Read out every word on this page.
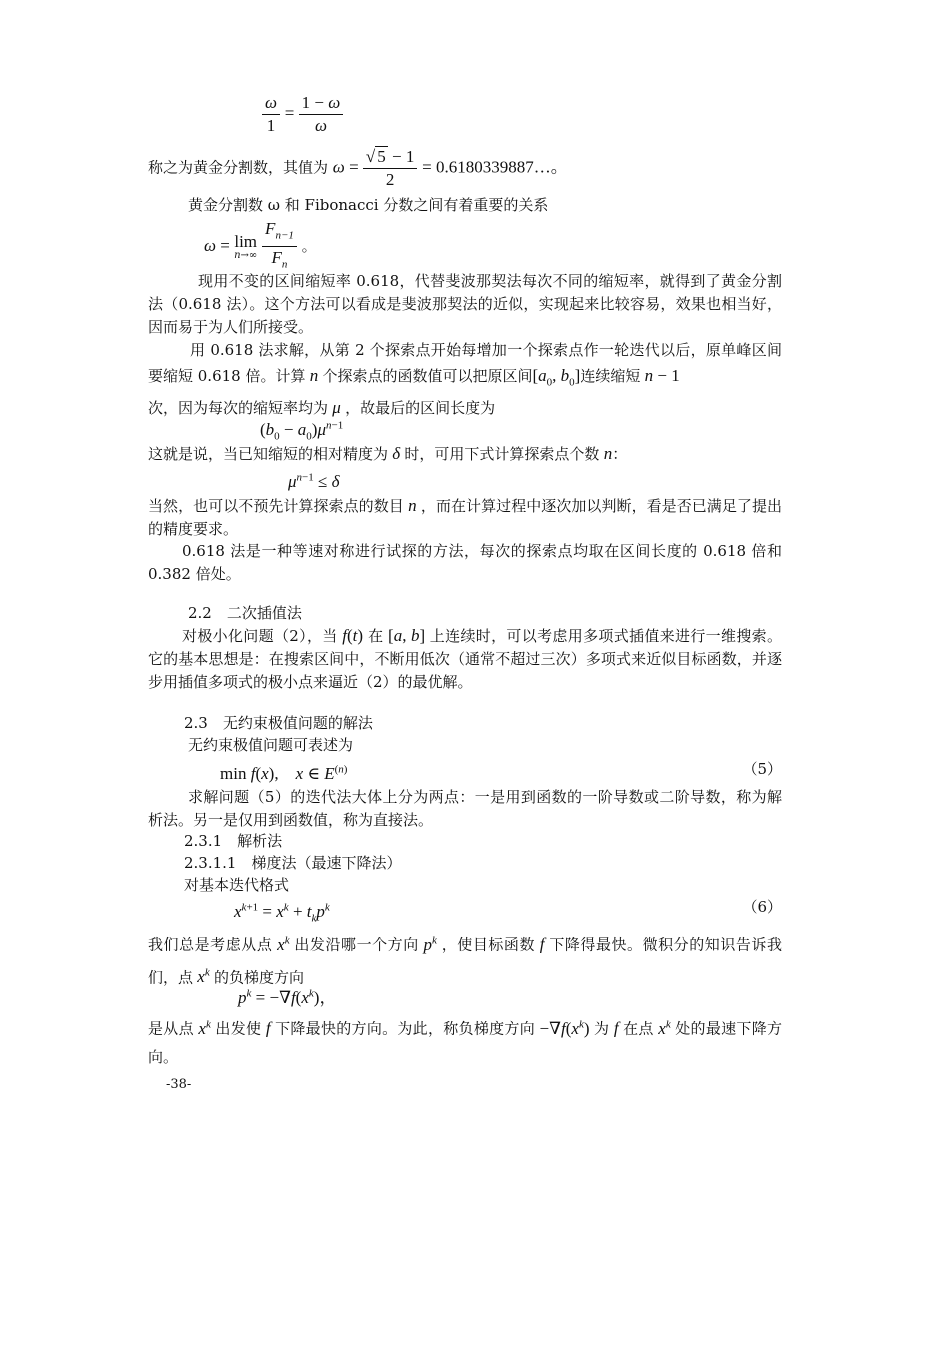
$\frac{\omega}{1} = \frac{1 - \omega}{\omega}$
称之为黄金分割数，其值为 $\omega = \frac{√ 5 - 1}{2}$ = 0.6180339887…。
黄金分割数 ω 和 Fibonacci 分数之间有着重要的关系
ω = lim
n→∞
$\frac{F_{n-1}}{F_n}$ 。
现用不变的区间缩短率 0.618，代替斐波那契法每次不同的缩短率，就得到了黄金分割法（0.618 法）。这个方法可以看成是斐波那契法的近似，实现起来比较容易，效果也相当好，因而易于为人们所接受。
用 0.618 法求解，从第 2 个探索点开始每增加一个探索点作一轮迭代以后，原单峰区间要缩短 0.618 倍。计算 n 个探索点的函数值可以把原区间[$a_0$, $b_0$]连续缩短 n − 1
次，因为每次的缩短率均为 μ ，故最后的区间长度为
$(b_0 - a_0)\mu^{n-1}$
这就是说，当已知缩短的相对精度为 δ 时，可用下式计算探索点个数 n：
$\mu^{n-1} \le \delta$
当然，也可以不预先计算探索点的数目 n ，而在计算过程中逐次加以判断，看是否已满足了提出的精度要求。
0.618 法是一种等速对称进行试探的方法，每次的探索点均取在区间长度的 0.618 倍和 0.382 倍处。
2.2　二次插值法
对极小化问题（2），当 f(t) 在 [a, b] 上连续时，可以考虑用多项式插值来进行一维搜索。它的基本思想是：在搜索区间中，不断用低次（通常不超过三次）多项式来近似目标函数，并逐步用插值多项式的极小点来逼近（2）的最优解。
2.3　无约束极值问题的解法
无约束极值问题可表述为
min f(x),    x ∈ $E^{(n)}$	（5）
求解问题（5）的迭代法大体上分为两点：一是用到函数的一阶导数或二阶导数，称为解析法。另一是仅用到函数值，称为直接法。
2.3.1　解析法
2.3.1.1　梯度法（最速下降法）
对基本迭代格式
$x^{k+1} = x^k + t_kp^k$	（6）
我们总是考虑从点 $x^k$ 出发沿哪一个方向 $p^k$ ，使目标函数 f 下降得最快。微积分的知识告诉我们，点 $x^k$ 的负梯度方向
$p^k = -\nabla f(x^k)$，
是从点 $x^k$ 出发使 f 下降最快的方向。为此，称负梯度方向 $-\nabla f(x^k)$ 为 f 在点 $x^k$ 处的最速下降方向。
-38-
